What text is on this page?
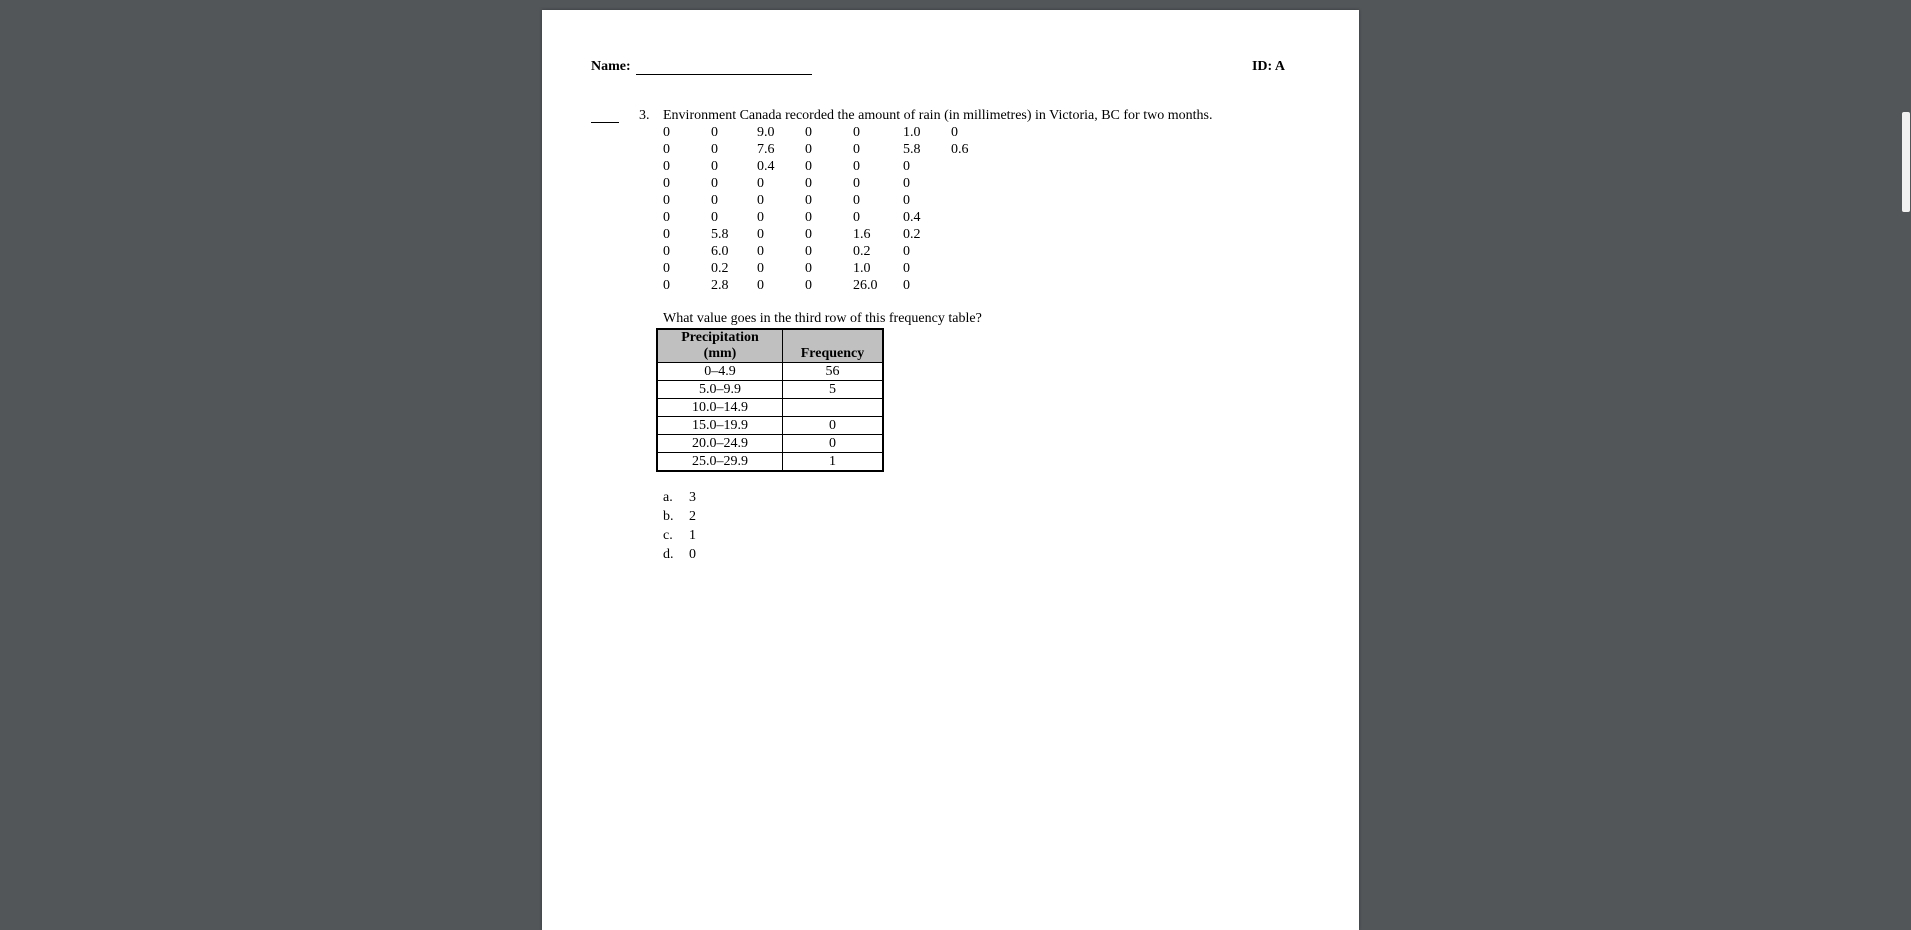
Name:	ID: A
3. Environment Canada recorded the amount of rain (in millimetres) in Victoria, BC for two months.
0	0	9.0 0	0	1.0 0
0	0	7.6 0	0	5.8 0.6
0	0	0.4 0	0	0
0	0	0	0	0	0
0	0	0	0	0	0
0	0	0	0	0	0.4
0	5.8 0	0	1.6 0.2
0	6.0 0	0	0.2 0
0	0.2 0	0	1.0 0
0	2.8 0	0	26.0 0
What value goes in the third row of this frequency table?
Precipitation (mm)	Frequency
0–4.9	56
5.0–9.9	5
10.0–14.9	
15.0–19.9	0
20.0–24.9	0
25.0–29.9	1
a. 3
b. 2
c. 1
d. 0
